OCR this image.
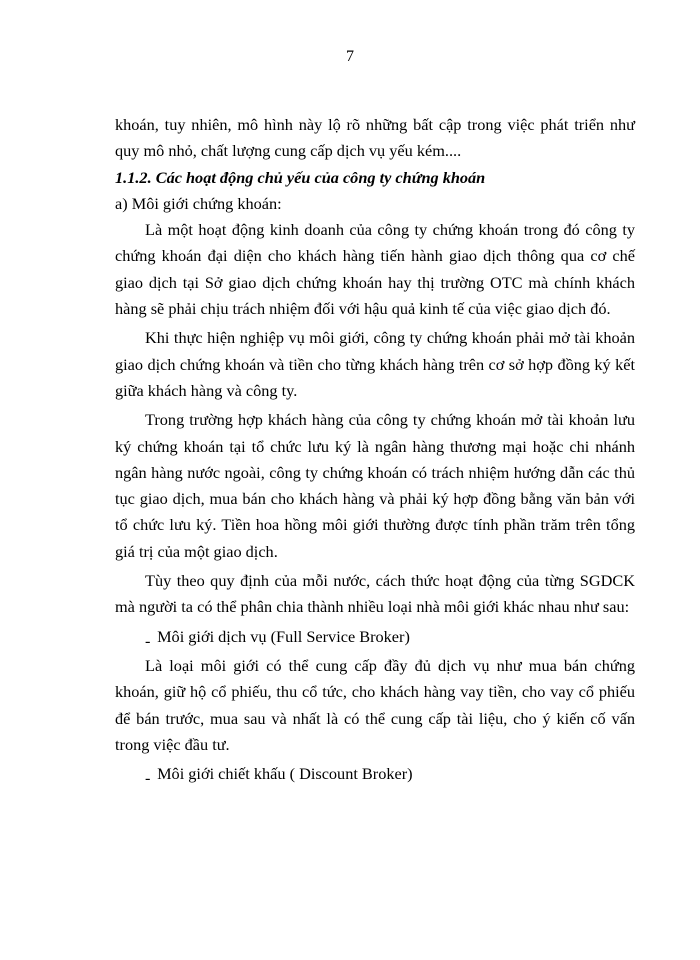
7

khoán, tuy nhiên, mô hình này lộ rõ những bất cập trong việc phát triển như quy mô nhỏ, chất lượng cung cấp dịch vụ yếu kém....

1.1.2. Các hoạt động chủ yếu của công ty chứng khoán

a) Môi giới chứng khoán:

Là một hoạt động kinh doanh của công ty chứng khoán trong đó công ty chứng khoán đại diện cho khách hàng tiến hành giao dịch thông qua cơ chế giao dịch tại Sở giao dịch chứng khoán hay thị trường OTC mà chính khách hàng sẽ phải chịu trách nhiệm đối với hậu quả kinh tế của việc giao dịch đó.

Khi thực hiện nghiệp vụ môi giới, công ty chứng khoán phải mở tài khoản giao dịch chứng khoán và tiền cho từng khách hàng trên cơ sở hợp đồng ký kết giữa khách hàng và công ty.

Trong trường hợp khách hàng của công ty chứng khoán mở tài khoản lưu ký chứng khoán tại tổ chức lưu ký là ngân hàng thương mại hoặc chi nhánh ngân hàng nước ngoài, công ty chứng khoán có trách nhiệm hướng dẫn các thủ tục giao dịch, mua bán cho khách hàng và phải ký hợp đồng bằng văn bản với tổ chức lưu ký. Tiền hoa hồng môi giới thường được tính phần trăm trên tổng giá trị của một giao dịch.

Tùy theo quy định của mỗi nước, cách thức hoạt động của từng SGDCK mà người ta có thể phân chia thành nhiều loại nhà môi giới khác nhau như sau:

- Môi giới dịch vụ (Full Service Broker)

Là loại môi giới có thể cung cấp đầy đủ dịch vụ như mua bán chứng khoán, giữ hộ cổ phiếu, thu cổ tức, cho khách hàng vay tiền, cho vay cổ phiếu để bán trước, mua sau và nhất là có thể cung cấp tài liệu, cho ý kiến cố vấn trong việc đầu tư.

- Môi giới chiết khấu ( Discount Broker)
